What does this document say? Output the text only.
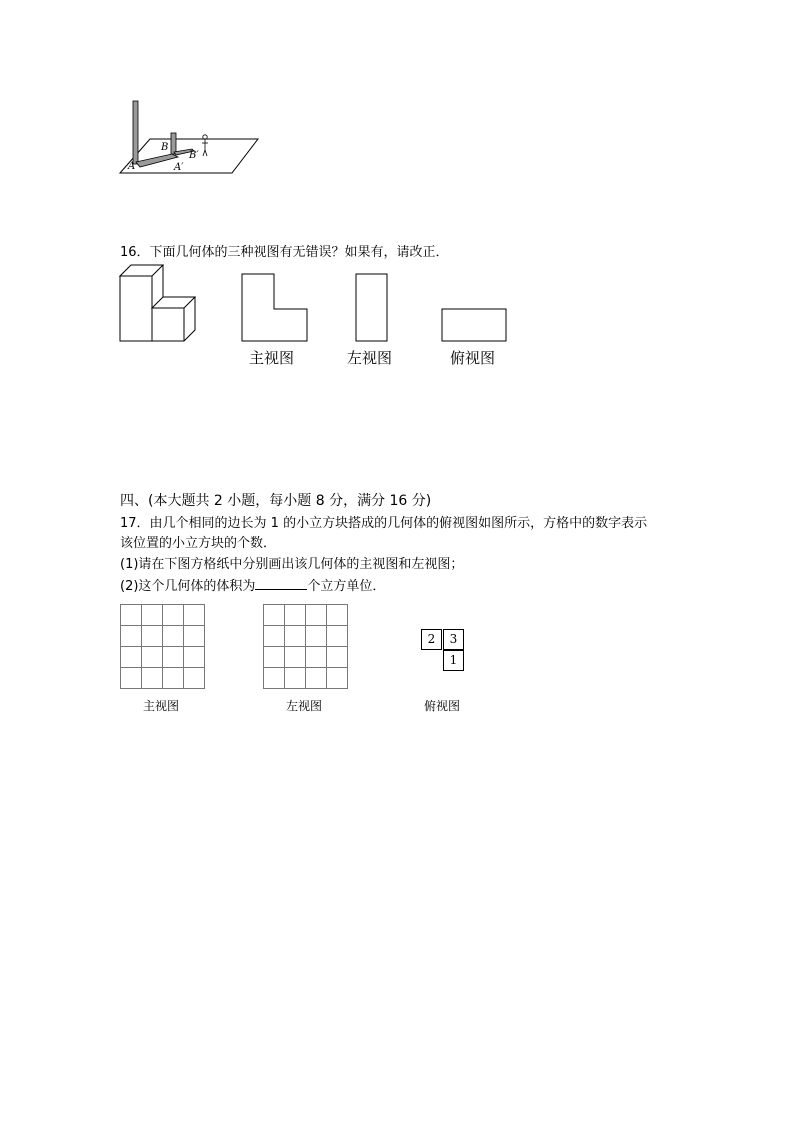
A
B
A′
B′
16．下面几何体的三种视图有无错误？如果有，请改正．
主视图	左视图	俯视图
四、(本大题共 2 小题，每小题 8 分，满分 16 分)
17．由几个相同的边长为 1 的小立方块搭成的几何体的俯视图如图所示，方格中的数字表示
该位置的小立方块的个数．
(1)请在下图方格纸中分别画出该几何体的主视图和左视图；
(2)这个几何体的体积为	个立方单位．
2	3
1
主视图	左视图	俯视图
